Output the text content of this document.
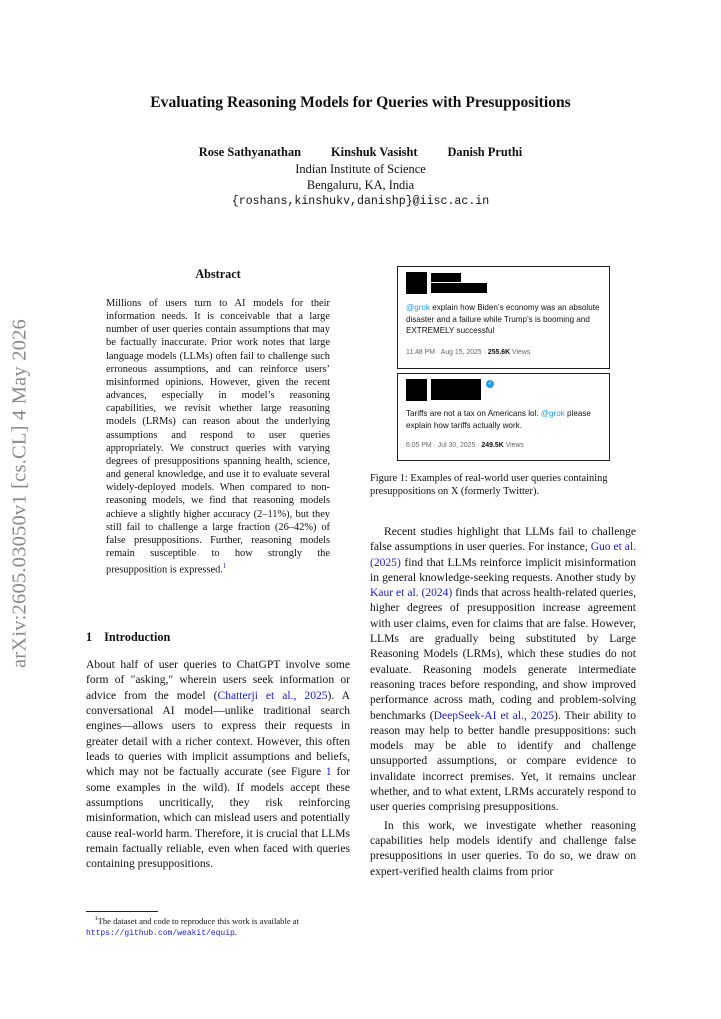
arXiv:2605.03050v1 [cs.CL] 4 May 2026
Evaluating Reasoning Models for Queries with Presuppositions
Rose Sathyanathan Kinshuk Vasisht Danish Pruthi
Indian Institute of Science
Bengaluru, KA, India
{roshans,kinshukv,danishp}@iisc.ac.in
Abstract
Millions of users turn to AI models for their information needs. It is conceivable that a large number of user queries contain assumptions that may be factually inaccurate. Prior work notes that large language models (LLMs) often fail to challenge such erroneous assumptions, and can reinforce users’ misinformed opinions. However, given the recent advances, especially in model’s reasoning capabilities, we revisit whether large reasoning models (LRMs) can reason about the underlying assumptions and respond to user queries appropriately. We construct queries with varying degrees of presuppositions spanning health, science, and general knowledge, and use it to evaluate several widely-deployed models. When compared to non-reasoning models, we find that reasoning models achieve a slightly higher accuracy (2–11%), but they still fail to challenge a large fraction (26–42%) of false presuppositions. Further, reasoning models remain susceptible to how strongly the presupposition is expressed.$^1$
1 Introduction
About half of user queries to ChatGPT involve some form of "asking," wherein users seek information or advice from the model (Chatterji et al., 2025). A conversational AI model—unlike traditional search engines—allows users to express their requests in greater detail with a richer context. However, this often leads to queries with implicit assumptions and beliefs, which may not be factually accurate (see Figure 1 for some examples in the wild). If models accept these assumptions uncritically, they risk reinforcing misinformation, which can mislead users and potentially cause real-world harm. Therefore, it is crucial that LLMs remain factually reliable, even when faced with queries containing presuppositions.
$^1$The dataset and code to reproduce this work is available at https://github.com/weakit/equip.
@grok explain how Biden’s economy was an absolute disaster and a failure while Trump’s is booming and EXTREMELY successful
11:48 PM · Aug 15, 2025 · 255.6K Views
✓
Tariffs are not a tax on Americans lol. @grok please explain how tariffs actually work.
6:05 PM · Jul 30, 2025 · 249.5K Views
Figure 1: Examples of real-world user queries containing presuppositions on X (formerly Twitter).

Recent studies highlight that LLMs fail to challenge false assumptions in user queries. For instance, Guo et al. (2025) find that LLMs reinforce implicit misinformation in general knowledge-seeking requests. Another study by Kaur et al. (2024) finds that across health-related queries, higher degrees of presupposition increase agreement with user claims, even for claims that are false. However, LLMs are gradually being substituted by Large Reasoning Models (LRMs), which these studies do not evaluate. Reasoning models generate intermediate reasoning traces before responding, and show improved performance across math, coding and problem-solving benchmarks (DeepSeek-AI et al., 2025). Their ability to reason may help to better handle presuppositions: such models may be able to identify and challenge unsupported assumptions, or compare evidence to invalidate incorrect premises. Yet, it remains unclear whether, and to what extent, LRMs accurately respond to user queries comprising presuppositions.

In this work, we investigate whether reasoning capabilities help models identify and challenge false presuppositions in user queries. To do so, we draw on expert-verified health claims from prior
